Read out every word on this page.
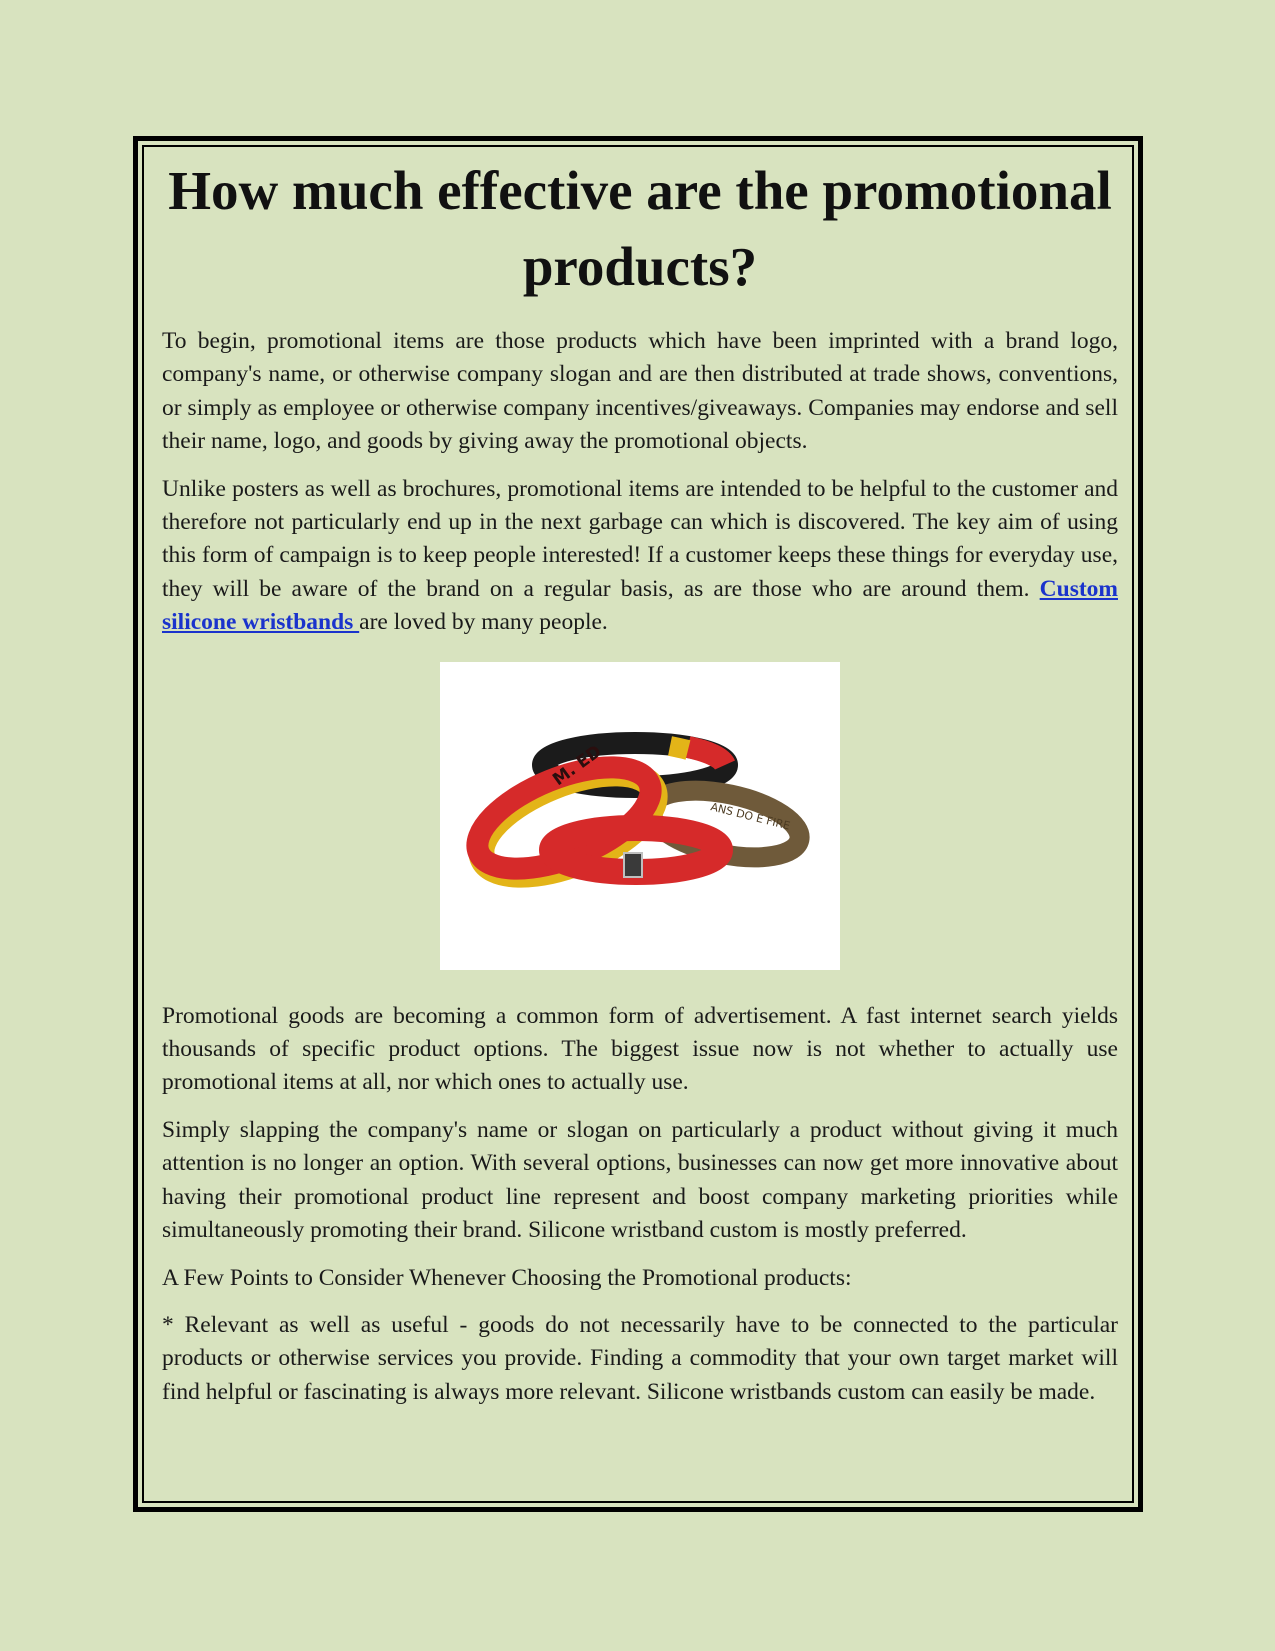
How much effective are the promotional products?

To begin, promotional items are those products which have been imprinted with a brand logo, company's name, or otherwise company slogan and are then distributed at trade shows, conventions, or simply as employee or otherwise company incentives/giveaways. Companies may endorse and sell their name, logo, and goods by giving away the promotional objects.

Unlike posters as well as brochures, promotional items are intended to be helpful to the customer and therefore not particularly end up in the next garbage can which is discovered. The key aim of using this form of campaign is to keep people interested! If a customer keeps these things for everyday use, they will be aware of the brand on a regular basis, as are those who are around them. Custom silicone wristbands are loved by many people.

ANS DO E FIRE
M. ED

Promotional goods are becoming a common form of advertisement. A fast internet search yields thousands of specific product options. The biggest issue now is not whether to actually use promotional items at all, nor which ones to actually use.

Simply slapping the company's name or slogan on particularly a product without giving it much attention is no longer an option. With several options, businesses can now get more innovative about having their promotional product line represent and boost company marketing priorities while simultaneously promoting their brand. Silicone wristband custom is mostly preferred.

A Few Points to Consider Whenever Choosing the Promotional products:

* Relevant as well as useful - goods do not necessarily have to be connected to the particular products or otherwise services you provide. Finding a commodity that your own target market will find helpful or fascinating is always more relevant. Silicone wristbands custom can easily be made.
